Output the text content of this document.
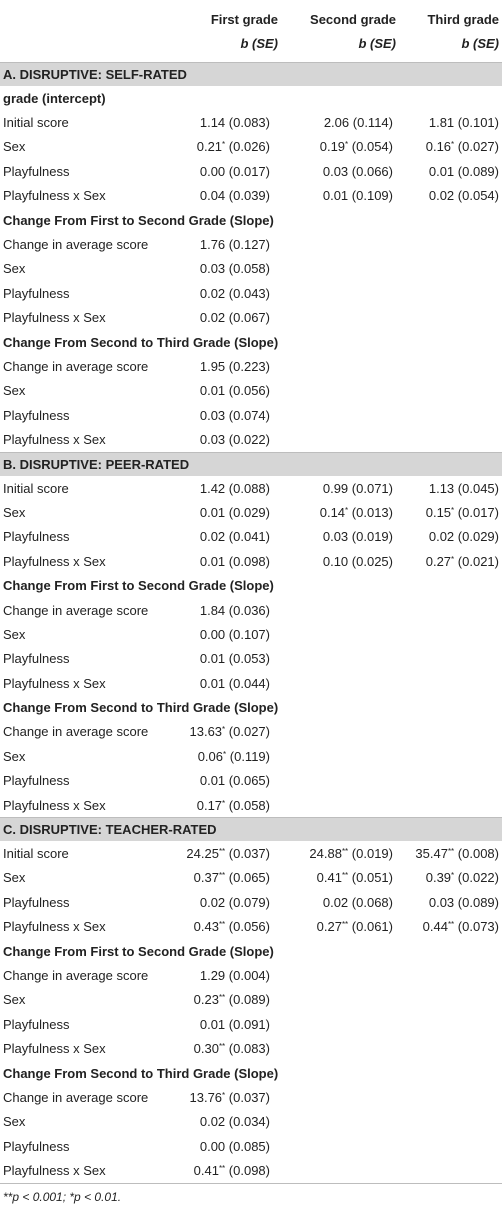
	First grade	Second grade	Third grade
	b (SE)	b (SE)	b (SE)
A. DISRUPTIVE: SELF-RATED			
grade (intercept)			
Initial score	1.14 (0.083)	2.06 (0.114)	1.81 (0.101)
Sex	0.21* (0.026)	0.19* (0.054)	0.16* (0.027)
Playfulness	0.00 (0.017)	0.03 (0.066)	0.01 (0.089)
Playfulness x Sex	0.04 (0.039)	0.01 (0.109)	0.02 (0.054)
Change From First to Second Grade (Slope)			
Change in average score	1.76 (0.127)		
Sex	0.03 (0.058)		
Playfulness	0.02 (0.043)		
Playfulness x Sex	0.02 (0.067)		
Change From Second to Third Grade (Slope)			
Change in average score	1.95 (0.223)		
Sex	0.01 (0.056)		
Playfulness	0.03 (0.074)		
Playfulness x Sex	0.03 (0.022)		
B. DISRUPTIVE: PEER-RATED			
Initial score	1.42 (0.088)	0.99 (0.071)	1.13 (0.045)
Sex	0.01 (0.029)	0.14* (0.013)	0.15* (0.017)
Playfulness	0.02 (0.041)	0.03 (0.019)	0.02 (0.029)
Playfulness x Sex	0.01 (0.098)	0.10 (0.025)	0.27* (0.021)
Change From First to Second Grade (Slope)			
Change in average score	1.84 (0.036)		
Sex	0.00 (0.107)		
Playfulness	0.01 (0.053)		
Playfulness x Sex	0.01 (0.044)		
Change From Second to Third Grade (Slope)			
Change in average score	13.63* (0.027)		
Sex	0.06* (0.119)		
Playfulness	0.01 (0.065)		
Playfulness x Sex	0.17* (0.058)		
C. DISRUPTIVE: TEACHER-RATED			
Initial score	24.25** (0.037)	24.88** (0.019)	35.47** (0.008)
Sex	0.37** (0.065)	0.41** (0.051)	0.39* (0.022)
Playfulness	0.02 (0.079)	0.02 (0.068)	0.03 (0.089)
Playfulness x Sex	0.43** (0.056)	0.27** (0.061)	0.44** (0.073)
Change From First to Second Grade (Slope)			
Change in average score	1.29 (0.004)		
Sex	0.23** (0.089)		
Playfulness	0.01 (0.091)		
Playfulness x Sex	0.30** (0.083)		
Change From Second to Third Grade (Slope)			
Change in average score	13.76* (0.037)		
Sex	0.02 (0.034)		
Playfulness	0.00 (0.085)		
Playfulness x Sex	0.41** (0.098)		
**p < 0.001; *p < 0.01.
